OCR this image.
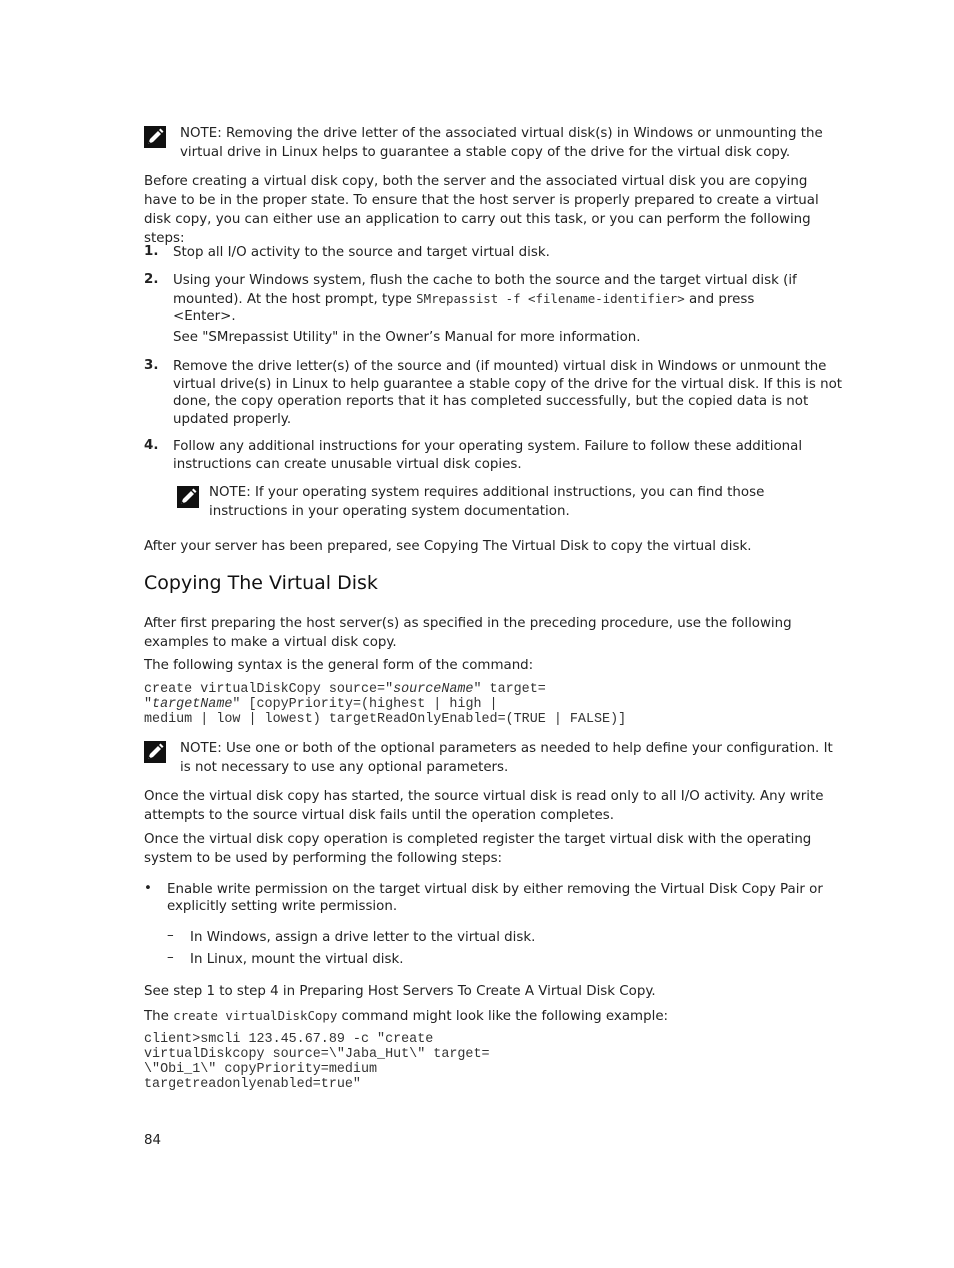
NOTE: Removing the drive letter of the associated virtual disk(s) in Windows or unmounting the virtual drive in Linux helps to guarantee a stable copy of the drive for the virtual disk copy.

Before creating a virtual disk copy, both the server and the associated virtual disk you are copying have to be in the proper state. To ensure that the host server is properly prepared to create a virtual disk copy, you can either use an application to carry out this task, or you can perform the following steps:

1.	Stop all I/O activity to the source and target virtual disk.

2.	Using your Windows system, flush the cache to both the source and the target virtual disk (if mounted). At the host prompt, type SMrepassist -f <filename-identifier> and press
<Enter>.

See "SMrepassist Utility" in the Owner’s Manual for more information.

3.	Remove the drive letter(s) of the source and (if mounted) virtual disk in Windows or unmount the virtual drive(s) in Linux to help guarantee a stable copy of the drive for the virtual disk. If this is not done, the copy operation reports that it has completed successfully, but the copied data is not updated properly.

4.	Follow any additional instructions for your operating system. Failure to follow these additional instructions can create unusable virtual disk copies.

NOTE: If your operating system requires additional instructions, you can find those instructions in your operating system documentation.

After your server has been prepared, see Copying The Virtual Disk to copy the virtual disk.

Copying The Virtual Disk

After first preparing the host server(s) as specified in the preceding procedure, use the following examples to make a virtual disk copy.

The following syntax is the general form of the command:

create virtualDiskCopy source="sourceName" target=
"targetName" [copyPriority=(highest | high |
medium | low | lowest) targetReadOnlyEnabled=(TRUE | FALSE)]

NOTE: Use one or both of the optional parameters as needed to help define your configuration. It is not necessary to use any optional parameters.

Once the virtual disk copy has started, the source virtual disk is read only to all I/O activity. Any write attempts to the source virtual disk fails until the operation completes.

Once the virtual disk copy operation is completed register the target virtual disk with the operating system to be used by performing the following steps:

• Enable write permission on the target virtual disk by either removing the Virtual Disk Copy Pair or explicitly setting write permission.

– In Windows, assign a drive letter to the virtual disk.

– In Linux, mount the virtual disk.

See step 1 to step 4 in Preparing Host Servers To Create A Virtual Disk Copy.

The create virtualDiskCopy command might look like the following example:

client>smcli 123.45.67.89 -c "create
virtualDiskcopy source=\"Jaba_Hut\" target=
\"Obi_1\" copyPriority=medium
targetreadonlyenabled=true"
84
